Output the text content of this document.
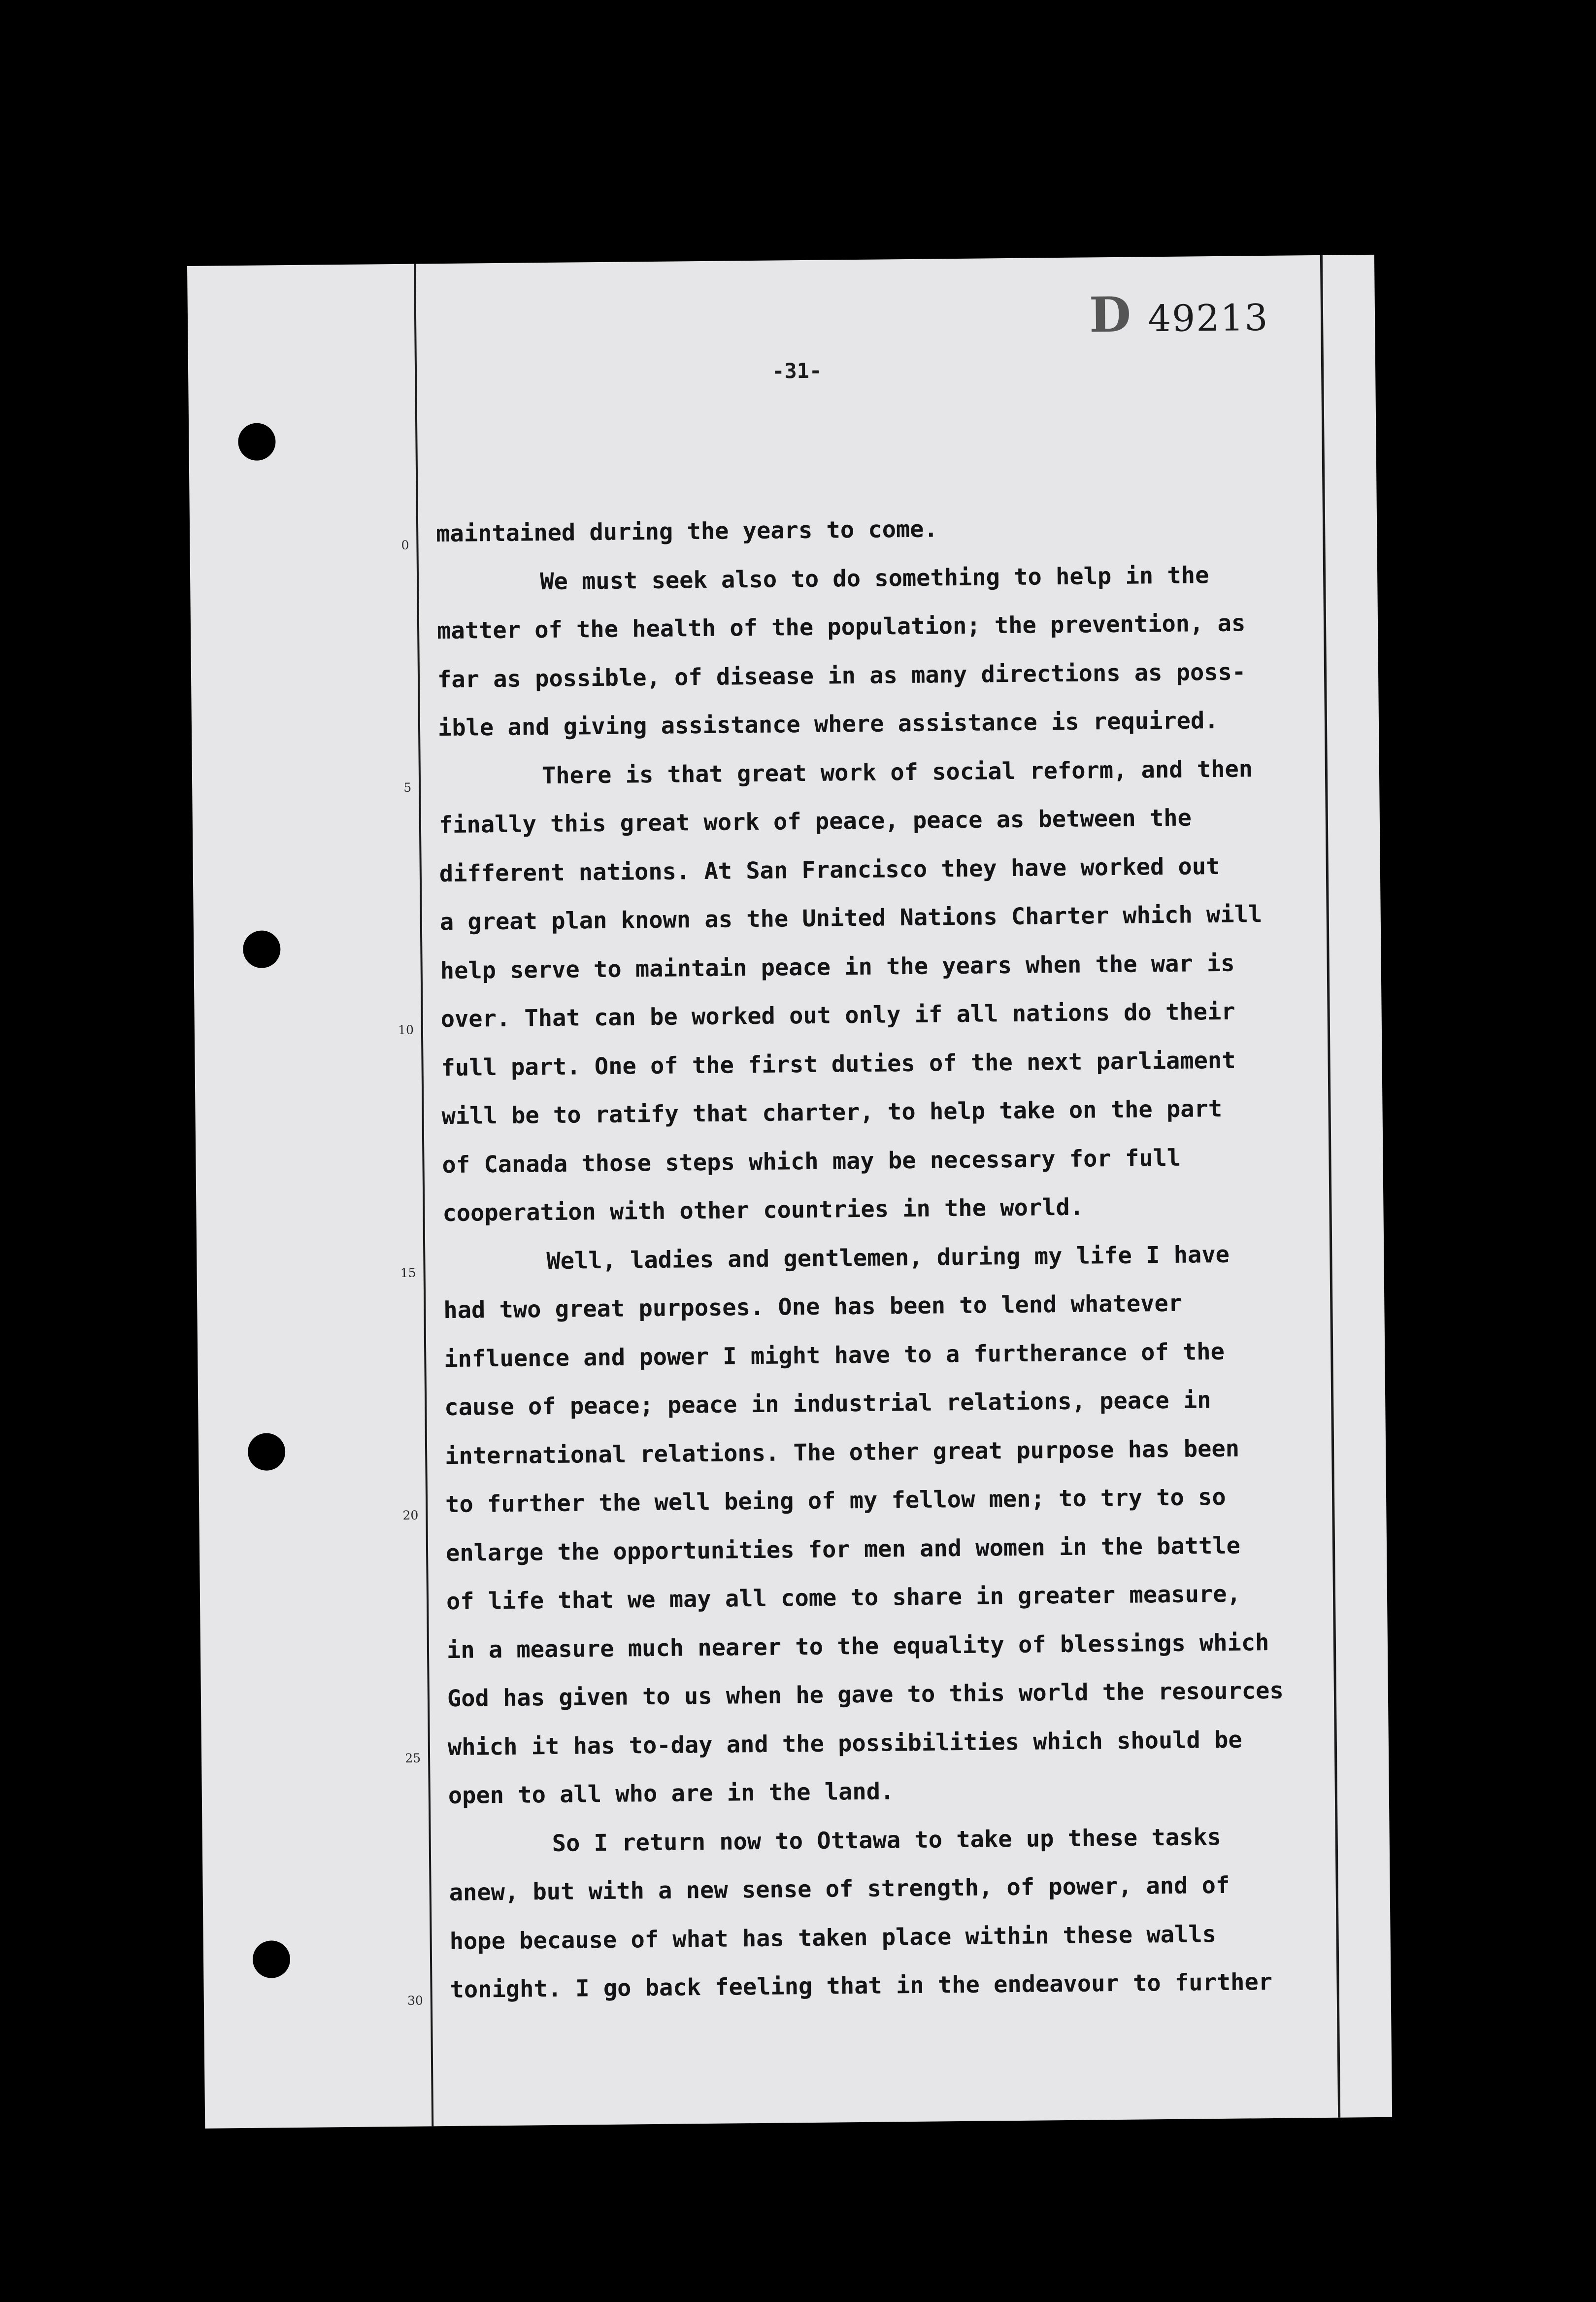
0
5
10
15
20
25
30
D 49213
-31-
maintained during the years to come.
We must seek also to do something to help in the
matter of the health of the population; the prevention, as
far as possible, of disease in as many directions as poss-
ible and giving assistance where assistance is required.
There is that great work of social reform, and then
finally this great work of peace, peace as between the
different nations. At San Francisco they have worked out
a great plan known as the United Nations Charter which will
help serve to maintain peace in the years when the war is
over. That can be worked out only if all nations do their
full part. One of the first duties of the next parliament
will be to ratify that charter, to help take on the part
of Canada those steps which may be necessary for full
cooperation with other countries in the world.
Well, ladies and gentlemen, during my life I have
had two great purposes. One has been to lend whatever
influence and power I might have to a furtherance of the
cause of peace; peace in industrial relations, peace in
international relations. The other great purpose has been
to further the well being of my fellow men; to try to so
enlarge the opportunities for men and women in the battle
of life that we may all come to share in greater measure,
in a measure much nearer to the equality of blessings which
God has given to us when he gave to this world the resources
which it has to-day and the possibilities which should be
open to all who are in the land.
So I return now to Ottawa to take up these tasks
anew, but with a new sense of strength, of power, and of
hope because of what has taken place within these walls
tonight. I go back feeling that in the endeavour to further
